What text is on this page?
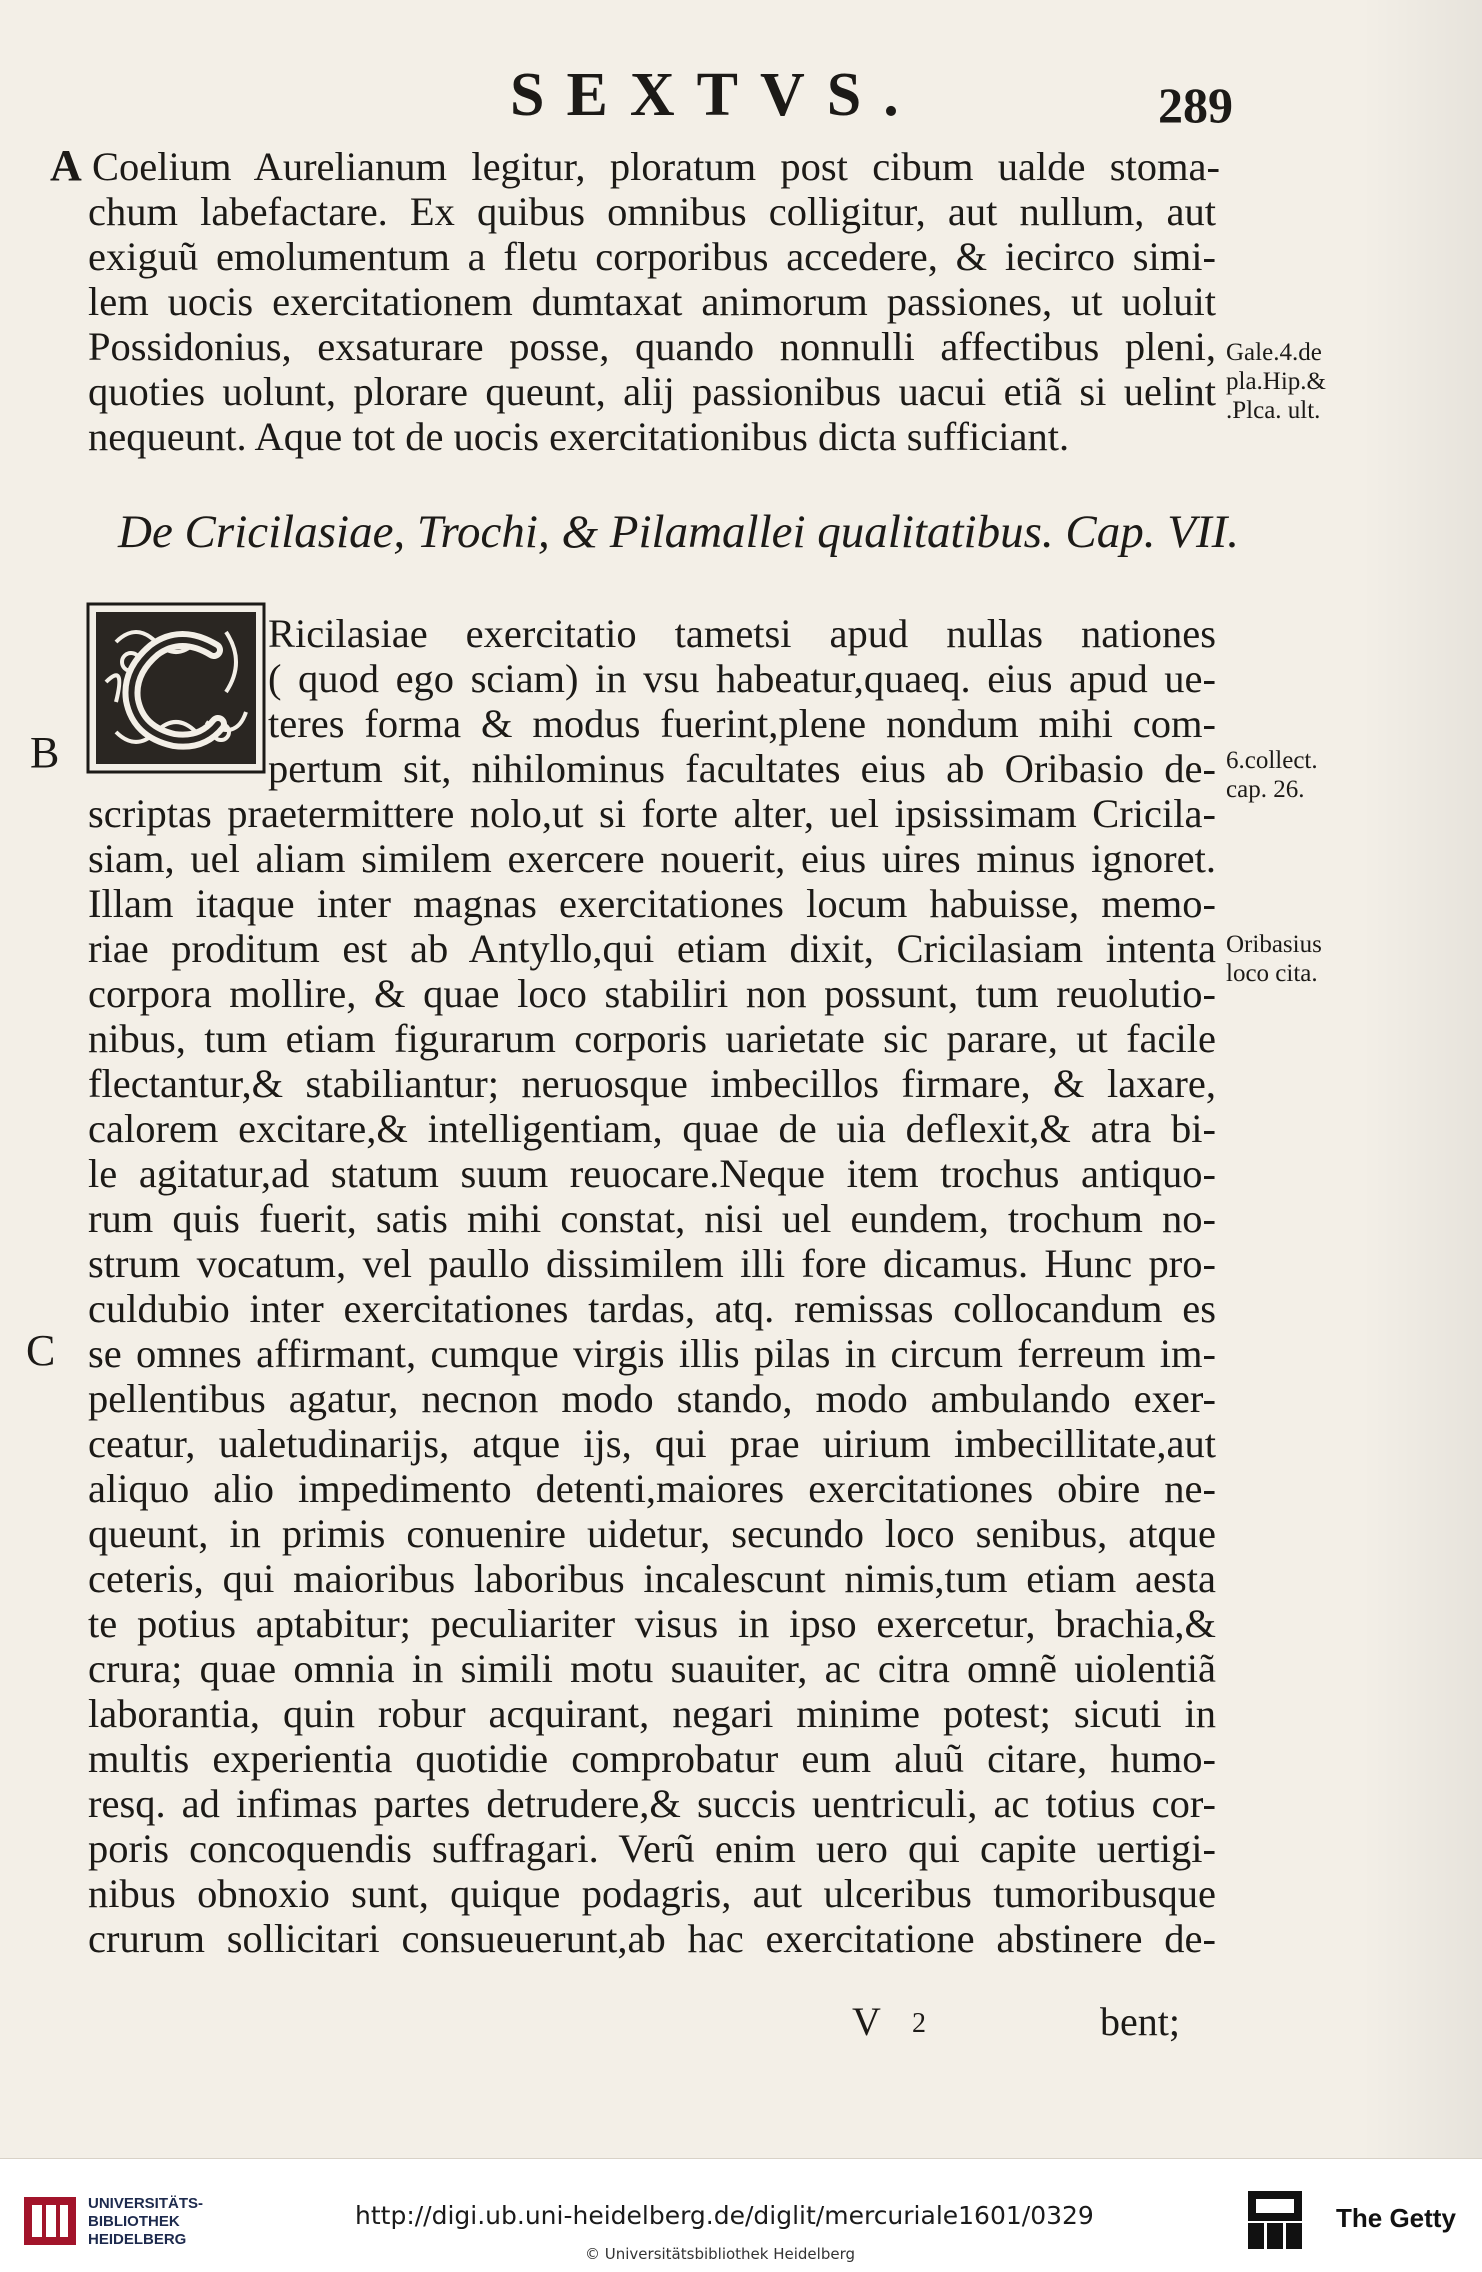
SEXTVS.	289
A
B
C
Coelium Aurelianum legitur, ploratum post cibum ualde stoma-
chum labefactare. Ex quibus omnibus colligitur, aut nullum, aut
exiguũ emolumentum a fletu corporibus accedere, & iecirco simi-
lem uocis exercitationem dumtaxat animorum passiones, ut uoluit
Possidonius, exsaturare posse, quando nonnulli affectibus pleni,
quoties uolunt, plorare queunt, alij passionibus uacui etiã si uelint
nequeunt. Aque tot de uocis exercitationibus dicta sufficiant.
De Cricilasiae, Trochi, & Pilamallei qualitatibus. Cap. VII.
Ricilasiae exercitatio tametsi apud nullas nationes
( quod ego sciam) in vsu habeatur,quaeq. eius apud ue-
teres forma & modus fuerint,plene nondum mihi com-
pertum sit, nihilominus facultates eius ab Oribasio de-
scriptas praetermittere nolo,ut si forte alter, uel ipsissimam Cricila-
siam, uel aliam similem exercere nouerit, eius uires minus ignoret.
Illam itaque inter magnas exercitationes locum habuisse, memo-
riae proditum est ab Antyllo,qui etiam dixit, Cricilasiam intenta
corpora mollire, & quae loco stabiliri non possunt, tum reuolutio-
nibus, tum etiam figurarum corporis uarietate sic parare, ut facile
flectantur,& stabiliantur; neruosque imbecillos firmare, & laxare,
calorem excitare,& intelligentiam, quae de uia deflexit,& atra bi-
le agitatur,ad statum suum reuocare.Neque item trochus antiquo-
rum quis fuerit, satis mihi constat, nisi uel eundem, trochum no-
strum vocatum, vel paullo dissimilem illi fore dicamus. Hunc pro-
culdubio inter exercitationes tardas, atq. remissas collocandum es
se omnes affirmant, cumque virgis illis pilas in circum ferreum im-
pellentibus agatur, necnon modo stando, modo ambulando exer-
ceatur, ualetudinarijs, atque ijs, qui prae uirium imbecillitate,aut
aliquo alio impedimento detenti,maiores exercitationes obire ne-
queunt, in primis conuenire uidetur, secundo loco senibus, atque
ceteris, qui maioribus laboribus incalescunt nimis,tum etiam aesta
te potius aptabitur; peculiariter visus in ipso exercetur, brachia,&
crura; quae omnia in simili motu suauiter, ac citra omnẽ uiolentiã
laborantia, quin robur acquirant, negari minime potest; sicuti in
multis experientia quotidie comprobatur eum aluũ citare, humo-
resq. ad infimas partes detrudere,& succis uentriculi, ac totius cor-
poris concoquendis suffragari. Verũ enim uero qui capite uertigi-
nibus obnoxio sunt, quique podagris, aut ulceribus tumoribusque
crurum sollicitari consueuerunt,ab hac exercitatione abstinere de-
V 2	bent;
Gale.4.de
pla.Hip.&
.Plca. ult.
6.collect.
cap. 26.
Oribasius
loco cita.
UNIVERSITÄTS-
BIBLIOTHEK
HEIDELBERG
http://digi.ub.uni-heidelberg.de/diglit/mercuriale1601/0329
© Universitätsbibliothek Heidelberg
The Getty
